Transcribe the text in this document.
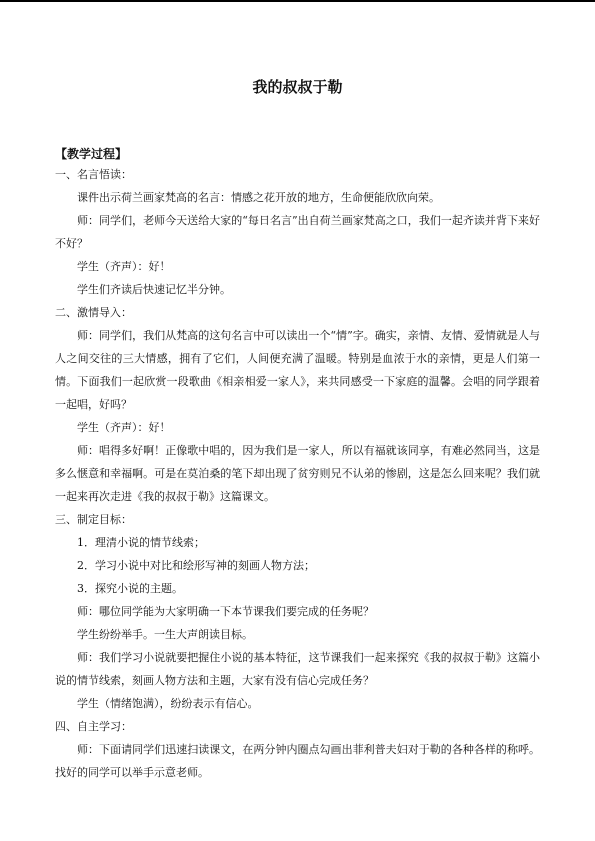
我的叔叔于勒
【教学过程】

一、名言悟读：

课件出示荷兰画家梵高的名言：情感之花开放的地方，生命便能欣欣向荣。

师：同学们，老师今天送给大家的“每日名言”出自荷兰画家梵高之口，我们一起齐读并背下来好不好？

学生（齐声）：好！

学生们齐读后快速记忆半分钟。

二、激情导入：

师：同学们，我们从梵高的这句名言中可以读出一个“情”字。确实，亲情、友情、爱情就是人与人之间交往的三大情感，拥有了它们，人间便充满了温暖。特别是血浓于水的亲情，更是人们第一情。下面我们一起欣赏一段歌曲《相亲相爱一家人》，来共同感受一下家庭的温馨。会唱的同学跟着一起唱，好吗？

学生（齐声）：好！

师：唱得多好啊！正像歌中唱的，因为我们是一家人，所以有福就该同享，有难必然同当，这是多么惬意和幸福啊。可是在莫泊桑的笔下却出现了贫穷则兄不认弟的惨剧，这是怎么回来呢？我们就一起来再次走进《我的叔叔于勒》这篇课文。

三、制定目标：

1．理清小说的情节线索；

2．学习小说中对比和绘形写神的刻画人物方法；

3．探究小说的主题。

师：哪位同学能为大家明确一下本节课我们要完成的任务呢？

学生纷纷举手。一生大声朗读目标。

师：我们学习小说就要把握住小说的基本特征，这节课我们一起来探究《我的叔叔于勒》这篇小说的情节线索，刻画人物方法和主题，大家有没有信心完成任务？

学生（情绪饱满），纷纷表示有信心。

四、自主学习：

师：下面请同学们迅速扫读课文，在两分钟内圈点勾画出菲利普夫妇对于勒的各种各样的称呼。找好的同学可以举手示意老师。
